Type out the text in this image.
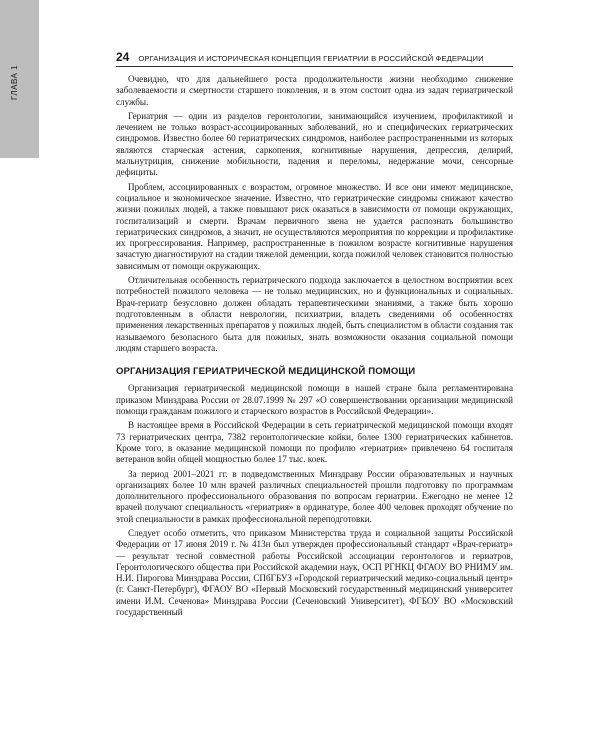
ГЛАВА 1
24 ОРГАНИЗАЦИЯ И ИСТОРИЧЕСКАЯ КОНЦЕПЦИЯ ГЕРИАТРИИ В РОССИЙСКОЙ ФЕДЕРАЦИИ

Очевидно, что для дальнейшего роста продолжительности жизни необходимо снижение заболеваемости и смертности старшего поколения, и в этом состоит одна из задач гериатрической службы.

Гериатрия — один из разделов геронтологии, занимающийся изучением, профилактикой и лечением не только возраст-ассоциированных заболеваний, но и специфических гериатрических синдромов. Известно более 60 гериатрических синдромов, наиболее распространенными из которых являются старческая астения, саркопения, когнитивные нарушения, депрессия, делирий, мальнутриция, снижение мобильности, падения и переломы, недержание мочи, сенсорные дефициты.

Проблем, ассоциированных с возрастом, огромное множество. И все они имеют медицинское, социальное и экономическое значение. Известно, что гериатрические синдромы снижают качество жизни пожилых людей, а также повышают риск оказаться в зависимости от помощи окружающих, госпитализаций и смерти. Врачам первичного звена не удается распознать большинство гериатрических синдромов, а значит, не осуществляются мероприятия по коррекции и профилактике их прогрессирования. Например, распространенные в пожилом возрасте когнитивные нарушения зачастую диагностируют на стадии тяжелой деменции, когда пожилой человек становится полностью зависимым от помощи окружающих.

Отличительная особенность гериатрического подхода заключается в целостном восприятии всех потребностей пожилого человека — не только медицинских, но и функциональных и социальных. Врач-гериатр безусловно должен обладать терапевтическими знаниями, а также быть хорошо подготовленным в области неврологии, психиатрии, владеть сведениями об особенностях применения лекарственных препаратов у пожилых людей, быть специалистом в области создания так называемого безопасного быта для пожилых, знать возможности оказания социальной помощи людям старшего возраста.

ОРГАНИЗАЦИЯ ГЕРИАТРИЧЕСКОЙ МЕДИЦИНСКОЙ ПОМОЩИ

Организация гериатрической медицинской помощи в нашей стране была регламентирована приказом Минздрава России от 28.07.1999 № 297 «О совершенствовании организации медицинской помощи гражданам пожилого и старческого возрастов в Российской Федерации».

В настоящее время в Российской Федерации в сеть гериатрической медицинской помощи входят 73 гериатрических центра, 7382 геронтологические койки, более 1300 гериатрических кабинетов. Кроме того, в оказание медицинской помощи по профилю «гериатрия» привлечено 64 госпиталя ветеранов войн общей мощностью более 17 тыс. коек.

За период 2001–2021 гг. в подведомственных Минздраву России образовательных и научных организациях более 10 млн врачей различных специальностей прошли подготовку по программам дополнительного профессионального образования по вопросам гериатрии. Ежегодно не менее 12 врачей получают специальность «гериатрия» в ординатуре, более 400 человек проходят обучение по этой специальности в рамках профессиональной переподготовки.

Следует особо отметить, что приказом Министерства труда и социальной защиты Российской Федерации от 17 июня 2019 г. № 413н был утвержден профессиональный стандарт «Врач-гериатр» — результат тесной совместной работы Российской ассоциации геронтологов и гериатров, Геронтологического общества при Российской академии наук, ОСП РГНКЦ ФГАОУ ВО РНИМУ им. Н.И. Пирогова Минздрава России, СПбГБУЗ «Городской гериатрический медико-социальный центр» (г. Санкт-Петербург), ФГАОУ ВО «Первый Московский государственный медицинский университет имени И.М. Сеченова» Минздрава России (Сеченовский Университет), ФГБОУ ВО «Московский государственный
